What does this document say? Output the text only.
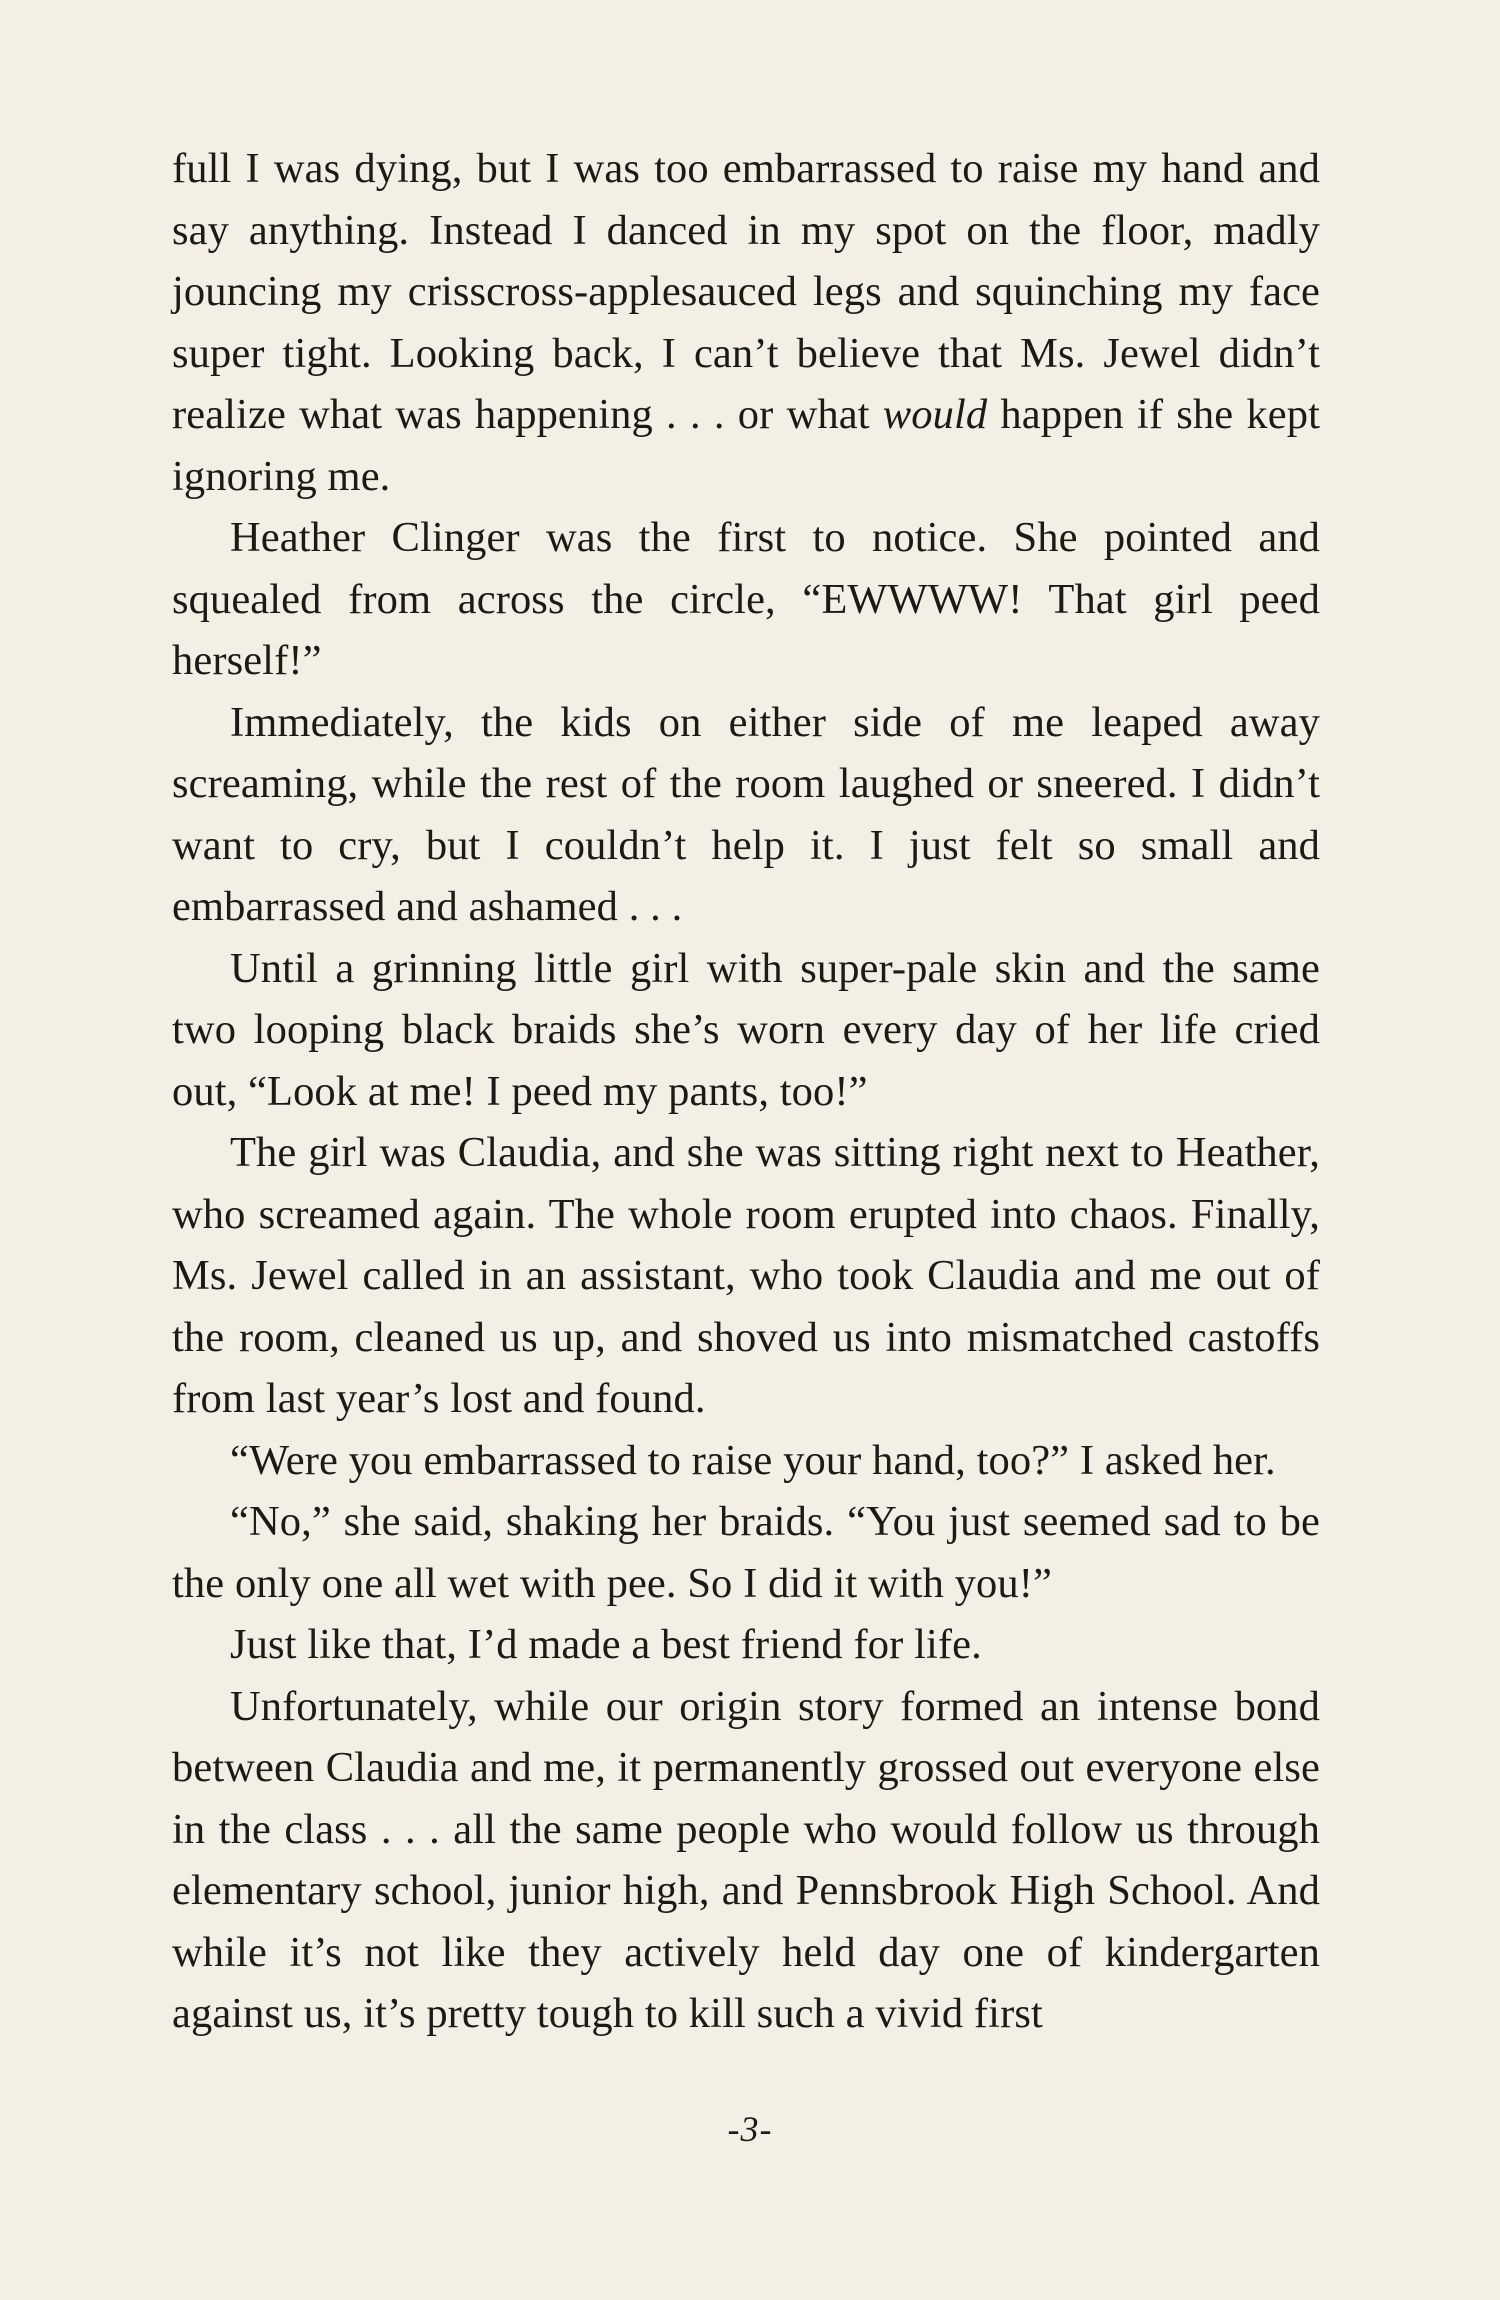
full I was dying, but I was too embarrassed to raise my hand and say anything. Instead I danced in my spot on the floor, madly jouncing my crisscross-applesauced legs and squinching my face super tight. Looking back, I can’t believe that Ms. Jewel didn’t realize what was happening . . . or what would happen if she kept ignoring me.

Heather Clinger was the first to notice. She pointed and squealed from across the circle, “EWWWW! That girl peed herself!”

Immediately, the kids on either side of me leaped away screaming, while the rest of the room laughed or sneered. I didn’t want to cry, but I couldn’t help it. I just felt so small and embarrassed and ashamed . . .

Until a grinning little girl with super-pale skin and the same two looping black braids she’s worn every day of her life cried out, “Look at me! I peed my pants, too!”

The girl was Claudia, and she was sitting right next to Heather, who screamed again. The whole room erupted into chaos. Finally, Ms. Jewel called in an assistant, who took Claudia and me out of the room, cleaned us up, and shoved us into mismatched castoffs from last year’s lost and found.

“Were you embarrassed to raise your hand, too?” I asked her.

“No,” she said, shaking her braids. “You just seemed sad to be the only one all wet with pee. So I did it with you!”

Just like that, I’d made a best friend for life.

Unfortunately, while our origin story formed an intense bond between Claudia and me, it permanently grossed out everyone else in the class . . . all the same people who would follow us through elementary school, junior high, and Pennsbrook High School. And while it’s not like they actively held day one of kindergarten against us, it’s pretty tough to kill such a vivid first

-3-
